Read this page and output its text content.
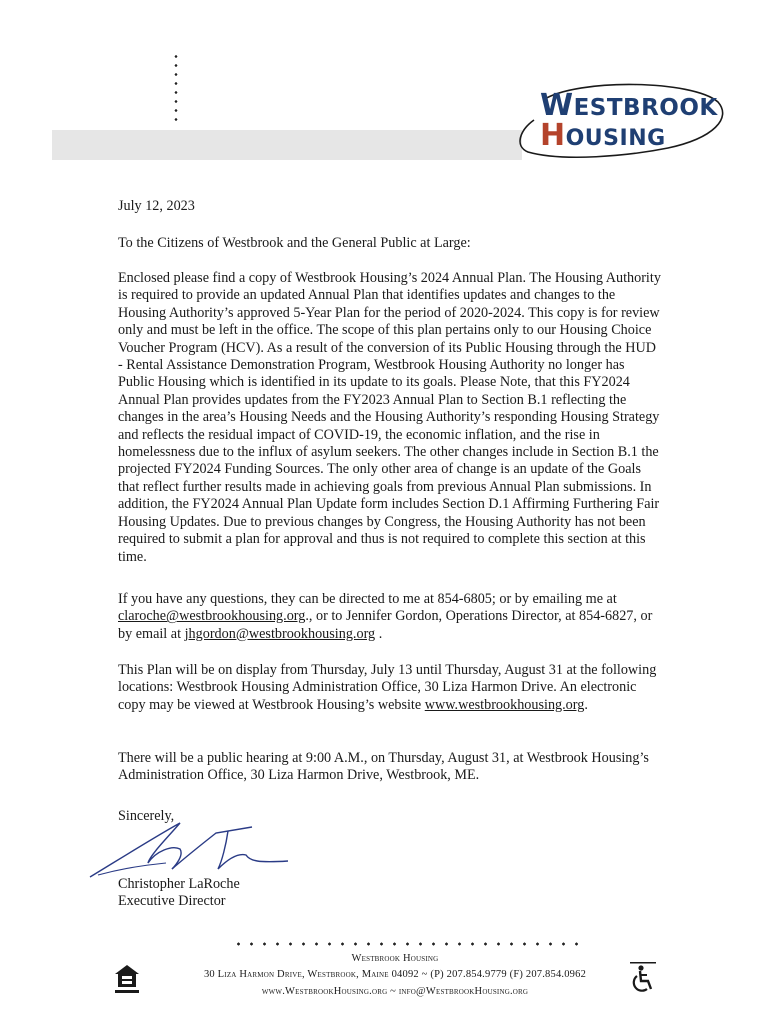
WESTBROOK
HOUSING
July 12, 2023
To the Citizens of Westbrook and the General Public at Large:
Enclosed please find a copy of Westbrook Housing’s 2024 Annual Plan. The Housing Authority is required to provide an updated Annual Plan that identifies updates and changes to the Housing Authority’s approved 5-Year Plan for the period of 2020-2024. This copy is for review only and must be left in the office. The scope of this plan pertains only to our Housing Choice Voucher Program (HCV). As a result of the conversion of its Public Housing through the HUD - Rental Assistance Demonstration Program, Westbrook Housing Authority no longer has Public Housing which is identified in its update to its goals. Please Note, that this FY2024 Annual Plan provides updates from the FY2023 Annual Plan to Section B.1 reflecting the changes in the area’s Housing Needs and the Housing Authority’s responding Housing Strategy and reflects the residual impact of COVID-19, the economic inflation, and the rise in homelessness due to the influx of asylum seekers. The other changes include in Section B.1 the projected FY2024 Funding Sources. The only other area of change is an update of the Goals that reflect further results made in achieving goals from previous Annual Plan submissions. In addition, the FY2024 Annual Plan Update form includes Section D.1 Affirming Furthering Fair Housing Updates. Due to previous changes by Congress, the Housing Authority has not been required to submit a plan for approval and thus is not required to complete this section at this time.
If you have any questions, they can be directed to me at 854-6805; or by emailing me at claroche@westbrookhousing.org., or to Jennifer Gordon, Operations Director, at 854-6827, or by email at jhgordon@westbrookhousing.org .
This Plan will be on display from Thursday, July 13 until Thursday, August 31 at the following locations: Westbrook Housing Administration Office, 30 Liza Harmon Drive. An electronic copy may be viewed at Westbrook Housing’s website www.westbrookhousing.org.
There will be a public hearing at 9:00 A.M., on Thursday, August 31, at Westbrook Housing’s Administration Office, 30 Liza Harmon Drive, Westbrook, ME.
Sincerely,
Christopher LaRoche
Executive Director
Westbrook Housing
30 Liza Harmon Drive, Westbrook, Maine 04092 ~ (P) 207.854.9779 (F) 207.854.0962
www.WestbrookHousing.org ~ info@WestbrookHousing.org
